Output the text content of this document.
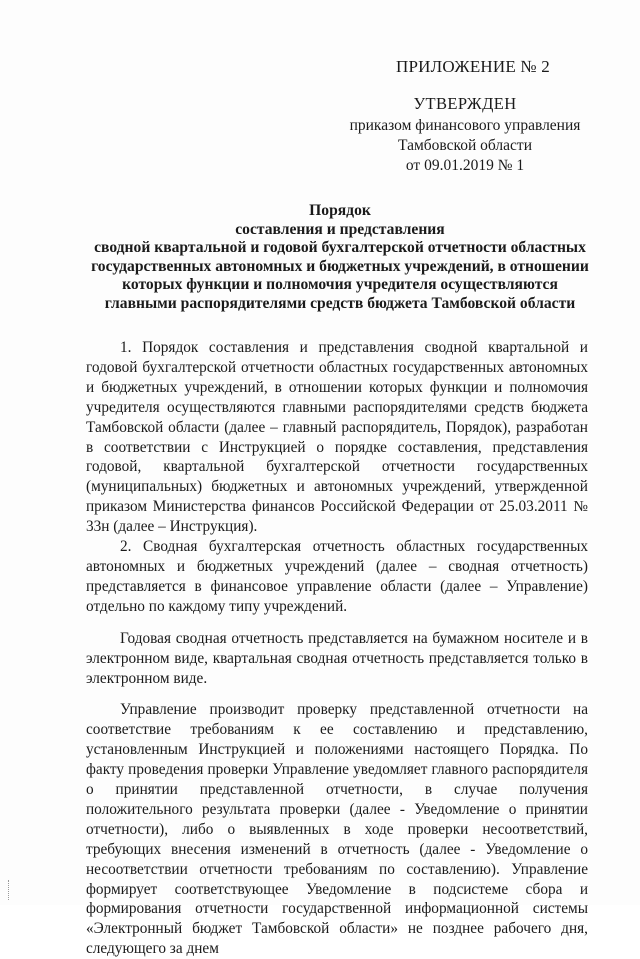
ПРИЛОЖЕНИЕ № 2
УТВЕРЖДЕН
приказом финансового управления
Тамбовской области
от 09.01.2019 № 1
Порядок
составления и представления
сводной квартальной и годовой бухгалтерской отчетности областных
государственных автономных и бюджетных учреждений, в отношении
которых функции и полномочия учредителя осуществляются
главными распорядителями средств бюджета Тамбовской области

1. Порядок составления и представления сводной квартальной и годовой бухгалтерской отчетности областных государственных автономных и бюджетных учреждений, в отношении которых функции и полномочия учредителя осуществляются главными распорядителями средств бюджета Тамбовской области (далее – главный распорядитель, Порядок), разработан в соответствии с Инструкцией о порядке составления, представления годовой, квартальной бухгалтерской отчетности государственных (муниципальных) бюджетных и автономных учреждений, утвержденной приказом Министерства финансов Российской Федерации от 25.03.2011 № 33н (далее – Инструкция).

2. Сводная бухгалтерская отчетность областных государственных автономных и бюджетных учреждений (далее – сводная отчетность) представляется в финансовое управление области (далее – Управление) отдельно по каждому типу учреждений.

Годовая сводная отчетность представляется на бумажном носителе и в электронном виде, квартальная сводная отчетность представляется только в электронном виде.

Управление производит проверку представленной отчетности на соответствие требованиям к ее составлению и представлению, установленным Инструкцией и положениями настоящего Порядка. По факту проведения проверки Управление уведомляет главного распорядителя о принятии представленной отчетности, в случае получения положительного результата проверки (далее - Уведомление о принятии отчетности), либо о выявленных в ходе проверки несоответствий, требующих внесения изменений в отчетность (далее - Уведомление о несоответствии отчетности требованиям по составлению). Управление формирует соответствующее Уведомление в подсистеме сбора и формирования отчетности государственной информационной системы «Электронный бюджет Тамбовской области» не позднее рабочего дня, следующего за днем
